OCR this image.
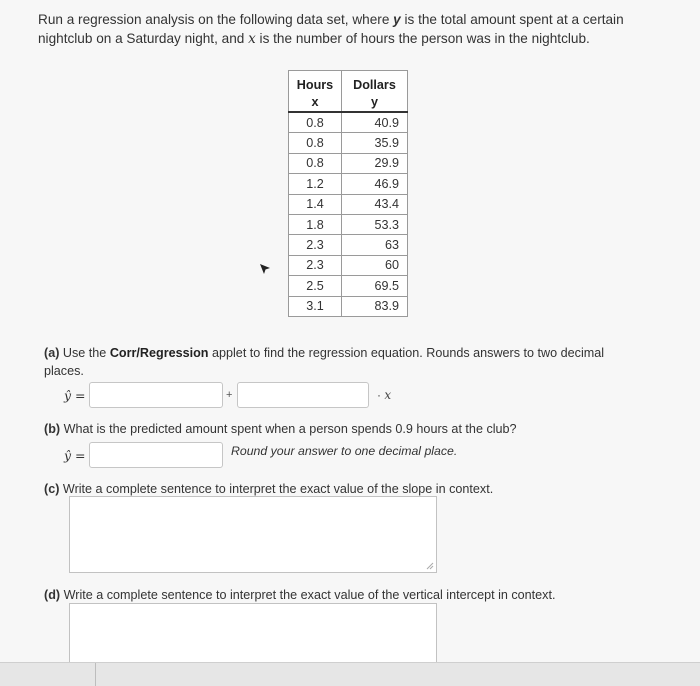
Run a regression analysis on the following data set, where y is the total amount spent at a certain nightclub on a Saturday night, and x is the number of hours the person was in the nightclub.
Hours	Dollars
x	y
0.8	40.9
0.8	35.9
0.8	29.9
1.2	46.9
1.4	43.4
1.8	53.3
2.3	63
2.3	60
2.5	69.5
3.1	83.9
(a) Use the Corr/Regression applet to find the regression equation. Rounds answers to two decimal places.
ŷ =	+	· x
(b) What is the predicted amount spent when a person spends 0.9 hours at the club?
ŷ =	Round your answer to one decimal place.
(c) Write a complete sentence to interpret the exact value of the slope in context.
(d) Write a complete sentence to interpret the exact value of the vertical intercept in context.
